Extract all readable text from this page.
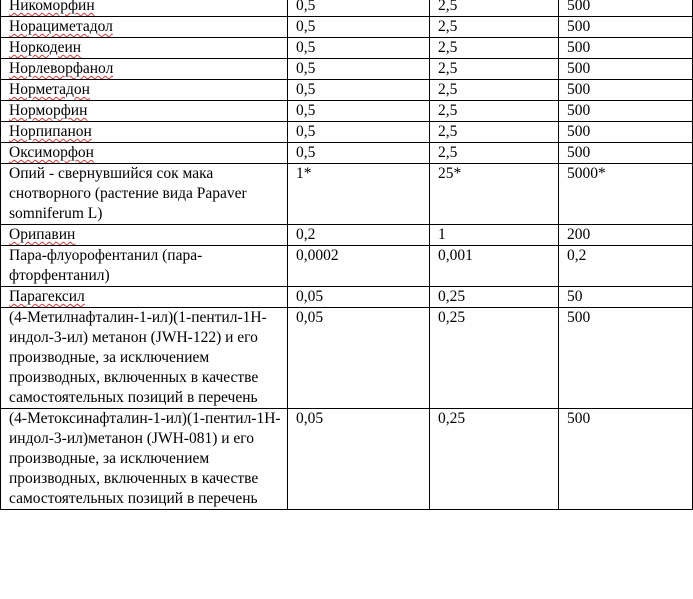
Никоморфин	0,5	2,5	500
Норациметадол	0,5	2,5	500
Норкодеин	0,5	2,5	500
Норлеворфанол	0,5	2,5	500
Норметадон	0,5	2,5	500
Норморфин	0,5	2,5	500
Норпипанон	0,5	2,5	500
Оксиморфон	0,5	2,5	500
Опий - свернувшийся сок мака снотворного (растение вида Papaver somniferum L)	1*	25*	5000*
Орипавин	0,2	1	200
Пара-флуорофентанил (пара-фторфентанил)	0,0002	0,001	0,2
Парагексил	0,05	0,25	50
(4-Метилнафталин-1-ил)(1-пентил-1Н-индол-3-ил) метанон (JWH-122) и его производные, за исключением производных, включенных в качестве самостоятельных позиций в перечень	0,05	0,25	500
(4-Метоксинафталин-1-ил)(1-пентил-1Н-индол-3-ил)метанон (JWH-081) и его производные, за исключением производных, включенных в качестве самостоятельных позиций в перечень	0,05	0,25	500
